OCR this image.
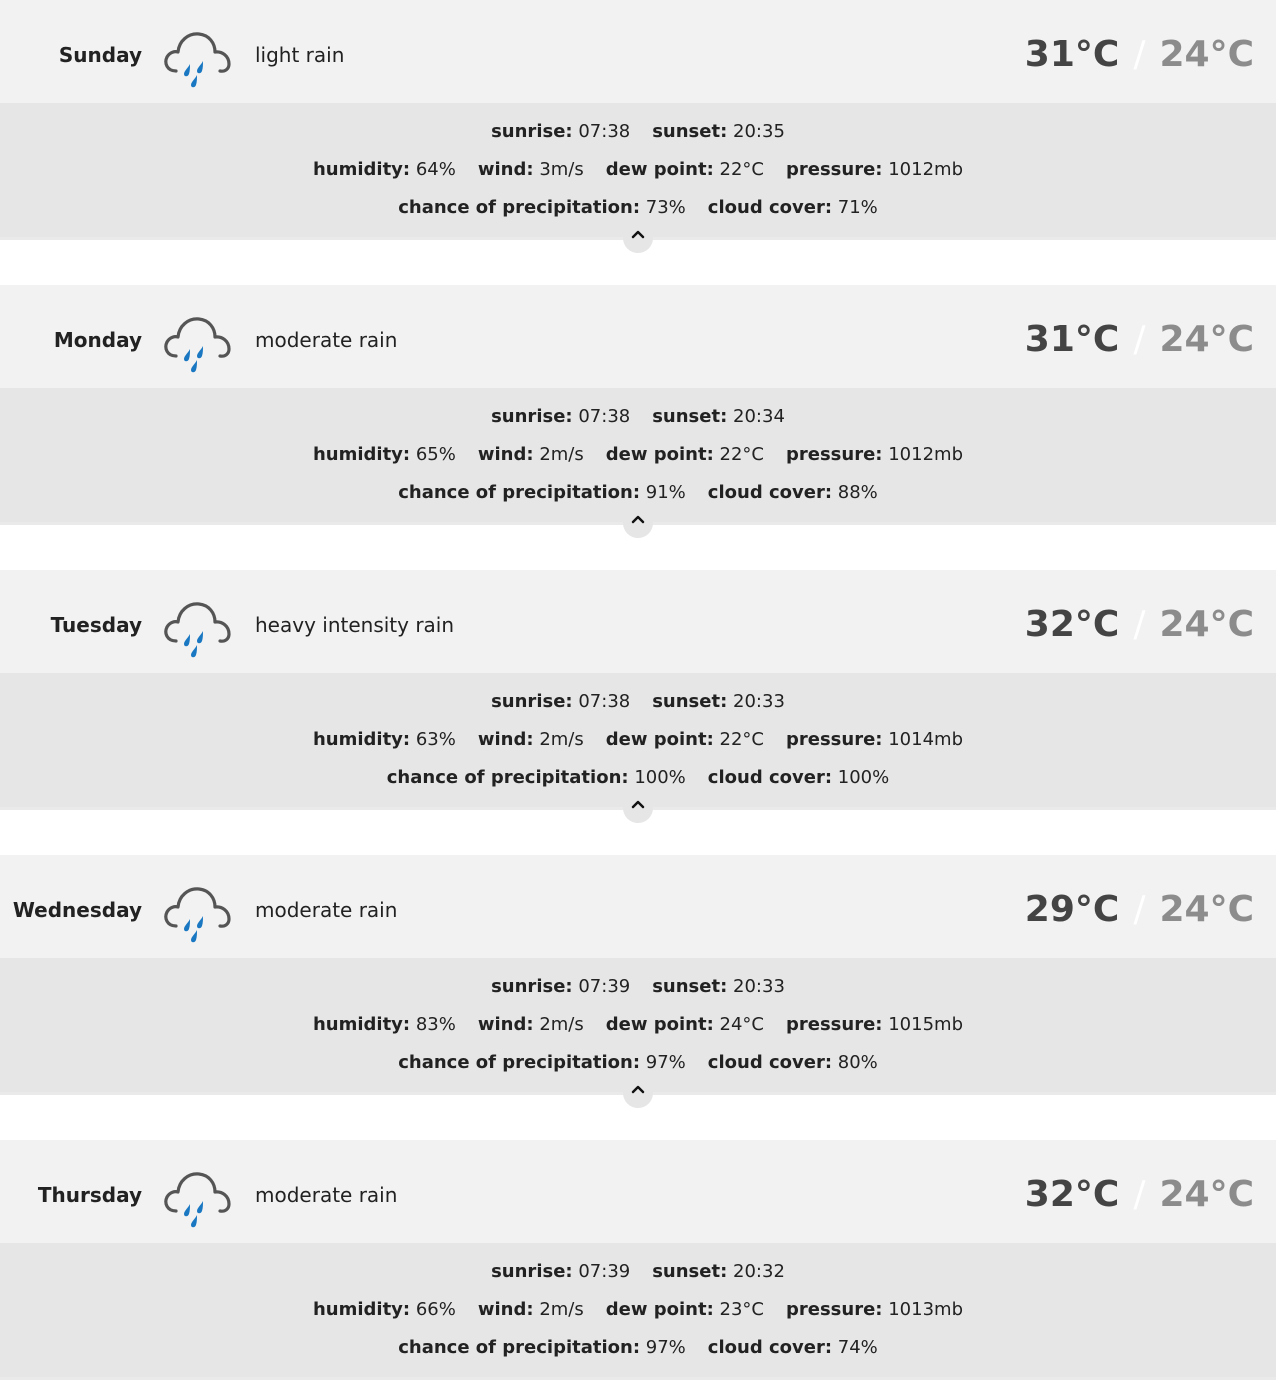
Sunday	light rain	31°C / 24°C
sunrise: 07:38 sunset: 20:35
humidity: 64% wind: 3m/s dew point: 22°C pressure: 1012mb
chance of precipitation: 73% cloud cover: 71%
Monday	moderate rain	31°C / 24°C
sunrise: 07:38 sunset: 20:34
humidity: 65% wind: 2m/s dew point: 22°C pressure: 1012mb
chance of precipitation: 91% cloud cover: 88%
Tuesday	heavy intensity rain	32°C / 24°C
sunrise: 07:38 sunset: 20:33
humidity: 63% wind: 2m/s dew point: 22°C pressure: 1014mb
chance of precipitation: 100% cloud cover: 100%
Wednesday	moderate rain	29°C / 24°C
sunrise: 07:39 sunset: 20:33
humidity: 83% wind: 2m/s dew point: 24°C pressure: 1015mb
chance of precipitation: 97% cloud cover: 80%
Thursday	moderate rain	32°C / 24°C
sunrise: 07:39 sunset: 20:32
humidity: 66% wind: 2m/s dew point: 23°C pressure: 1013mb
chance of precipitation: 97% cloud cover: 74%
